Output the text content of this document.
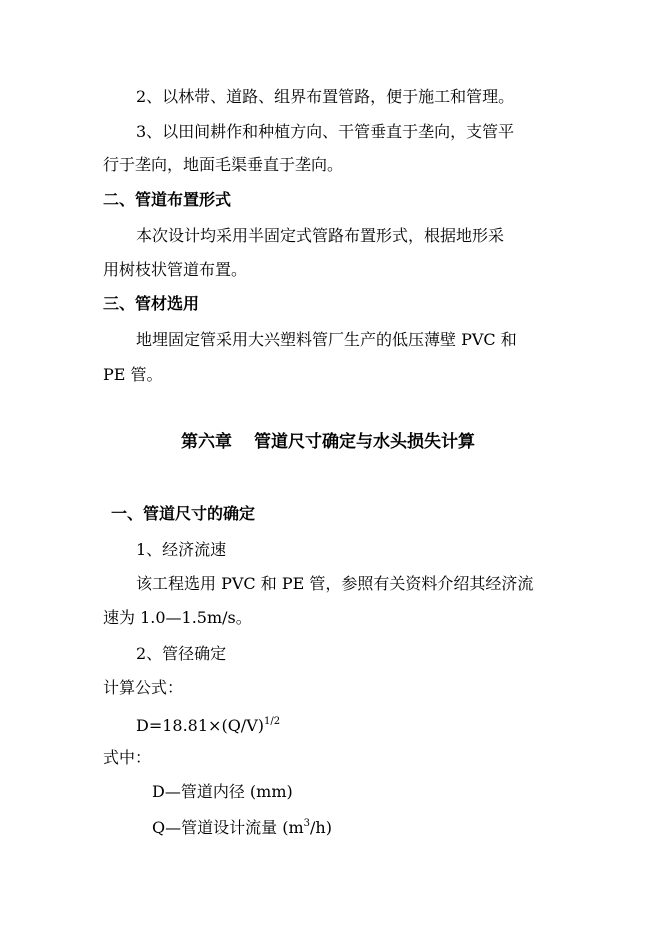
2、以林带、道路、组界布置管路，便于施工和管理。
3、以田间耕作和种植方向、干管垂直于垄向，支管平
行于垄向，地面毛渠垂直于垄向。
二、管道布置形式
本次设计均采用半固定式管路布置形式，根据地形采
用树枝状管道布置。
三、管材选用
地埋固定管采用大兴塑料管厂生产的低压薄壁 PVC 和
PE 管。
第六章 管道尺寸确定与水头损失计算
一、管道尺寸的确定
1、经济流速
该工程选用 PVC 和 PE 管，参照有关资料介绍其经济流
速为 1.0—1.5m/s。
2、管径确定
计算公式：
$D=18.81\times(Q/V)^{1/2}$
式中：
D—管道内径 (mm)
Q—管道设计流量 $(m^3/h)$
